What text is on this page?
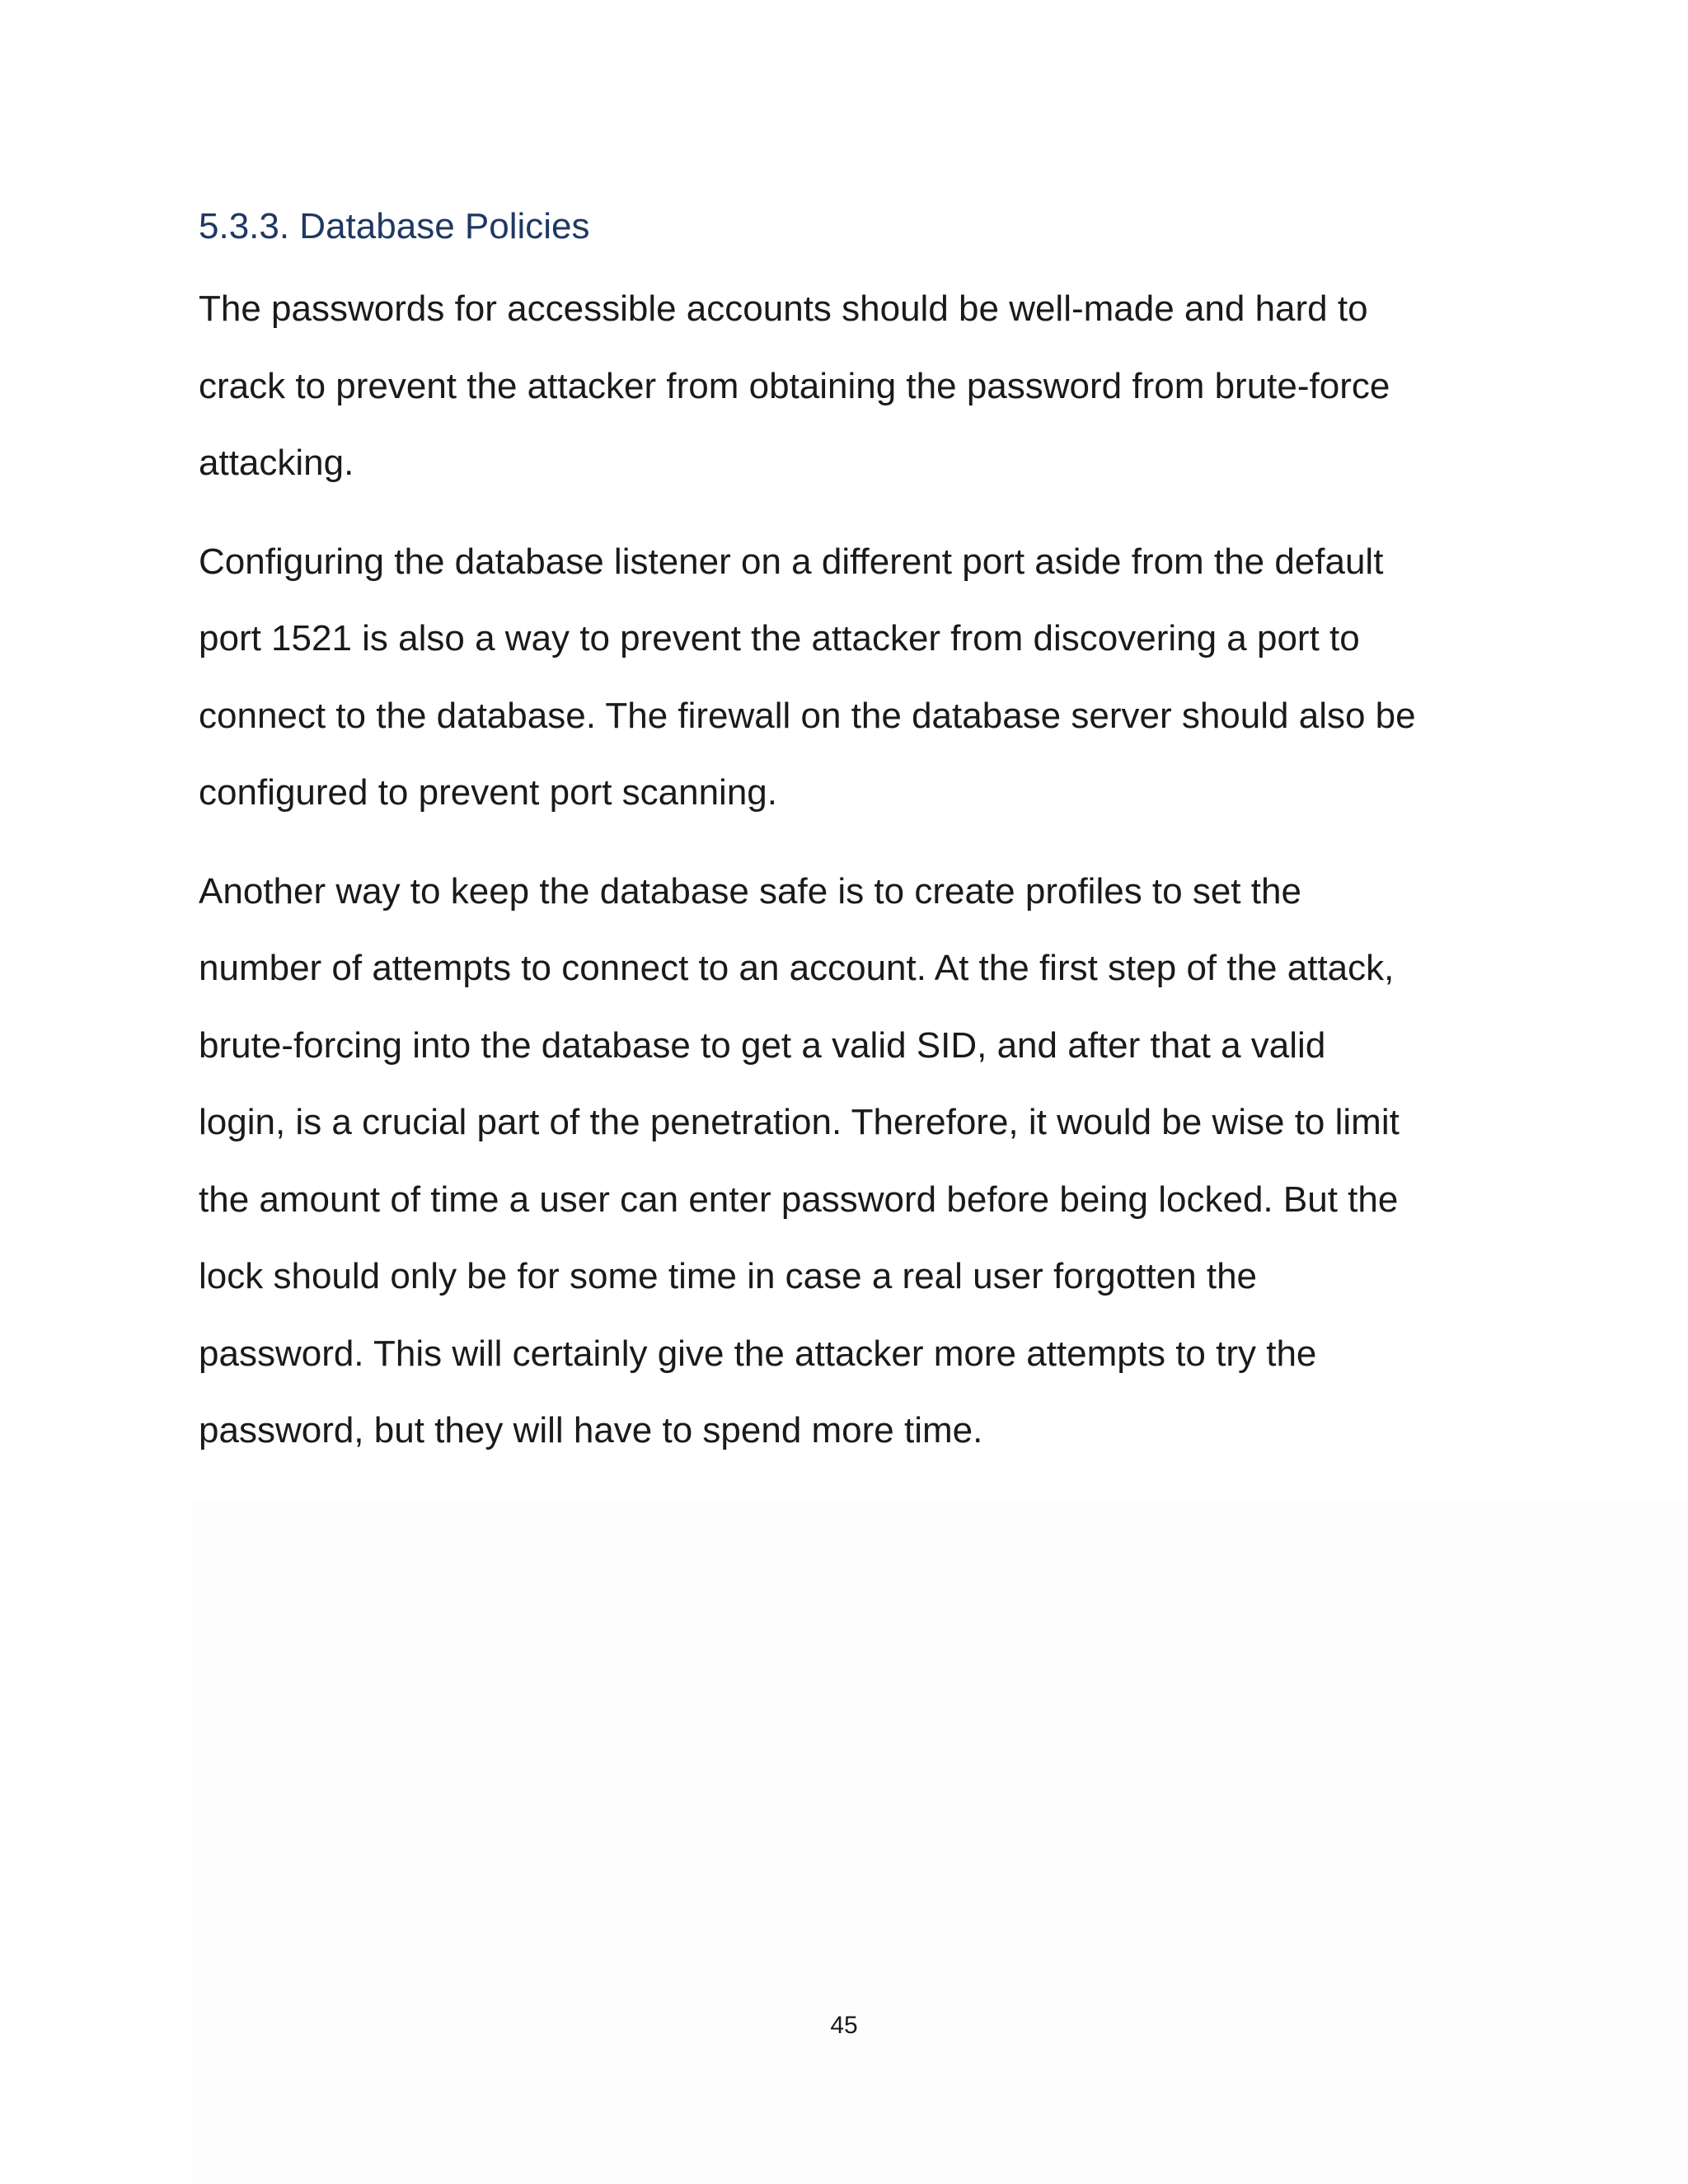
5.3.3. Database Policies

The passwords for accessible accounts should be well-made and hard to
crack to prevent the attacker from obtaining the password from brute-force
attacking.

Configuring the database listener on a different port aside from the default
port 1521 is also a way to prevent the attacker from discovering a port to
connect to the database. The firewall on the database server should also be
configured to prevent port scanning.

Another way to keep the database safe is to create profiles to set the
number of attempts to connect to an account. At the first step of the attack,
brute-forcing into the database to get a valid SID, and after that a valid
login, is a crucial part of the penetration. Therefore, it would be wise to limit
the amount of time a user can enter password before being locked. But the
lock should only be for some time in case a real user forgotten the
password. This will certainly give the attacker more attempts to try the
password, but they will have to spend more time.

45
